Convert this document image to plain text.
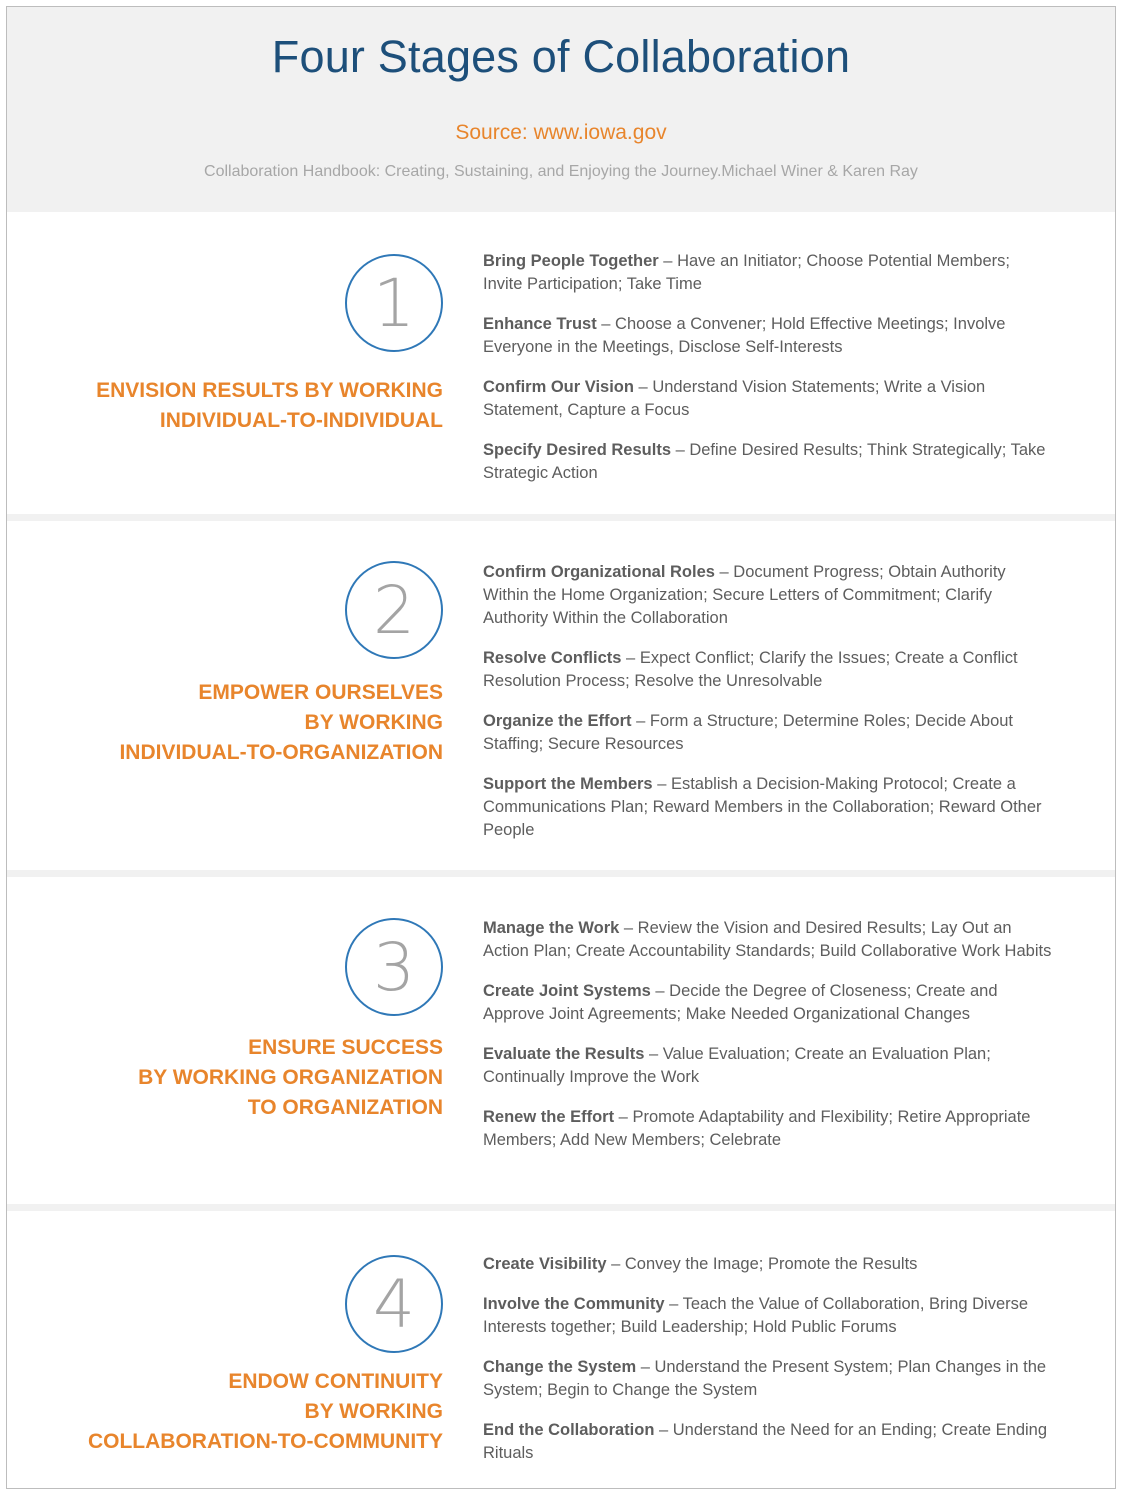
Four Stages of Collaboration
Source: www.iowa.gov
Collaboration Handbook: Creating, Sustaining, and Enjoying the Journey.Michael Winer & Karen Ray
1
ENVISION RESULTS BY WORKING
INDIVIDUAL-TO-INDIVIDUAL
Bring People Together – Have an Initiator; Choose Potential Members; Invite Participation; Take Time
Enhance Trust – Choose a Convener; Hold Effective Meetings; Involve Everyone in the Meetings, Disclose Self-Interests
Confirm Our Vision – Understand Vision Statements; Write a Vision Statement, Capture a Focus
Specify Desired Results – Define Desired Results; Think Strategically; Take Strategic Action
2
EMPOWER OURSELVES
BY WORKING
INDIVIDUAL-TO-ORGANIZATION
Confirm Organizational Roles – Document Progress; Obtain Authority Within the Home Organization; Secure Letters of Commitment; Clarify Authority Within the Collaboration
Resolve Conflicts – Expect Conflict; Clarify the Issues; Create a Conflict Resolution Process; Resolve the Unresolvable
Organize the Effort – Form a Structure; Determine Roles; Decide About Staffing; Secure Resources
Support the Members – Establish a Decision-Making Protocol; Create a Communications Plan; Reward Members in the Collaboration; Reward Other People
3
ENSURE SUCCESS
BY WORKING ORGANIZATION
TO ORGANIZATION
Manage the Work – Review the Vision and Desired Results; Lay Out an Action Plan; Create Accountability Standards; Build Collaborative Work Habits
Create Joint Systems – Decide the Degree of Closeness; Create and Approve Joint Agreements; Make Needed Organizational Changes
Evaluate the Results – Value Evaluation; Create an Evaluation Plan; Continually Improve the Work
Renew the Effort – Promote Adaptability and Flexibility; Retire Appropriate Members; Add New Members; Celebrate
4
ENDOW CONTINUITY
BY WORKING
COLLABORATION-TO-COMMUNITY
Create Visibility – Convey the Image; Promote the Results
Involve the Community – Teach the Value of Collaboration, Bring Diverse Interests together; Build Leadership; Hold Public Forums
Change the System – Understand the Present System; Plan Changes in the System; Begin to Change the System
End the Collaboration – Understand the Need for an Ending; Create Ending Rituals
